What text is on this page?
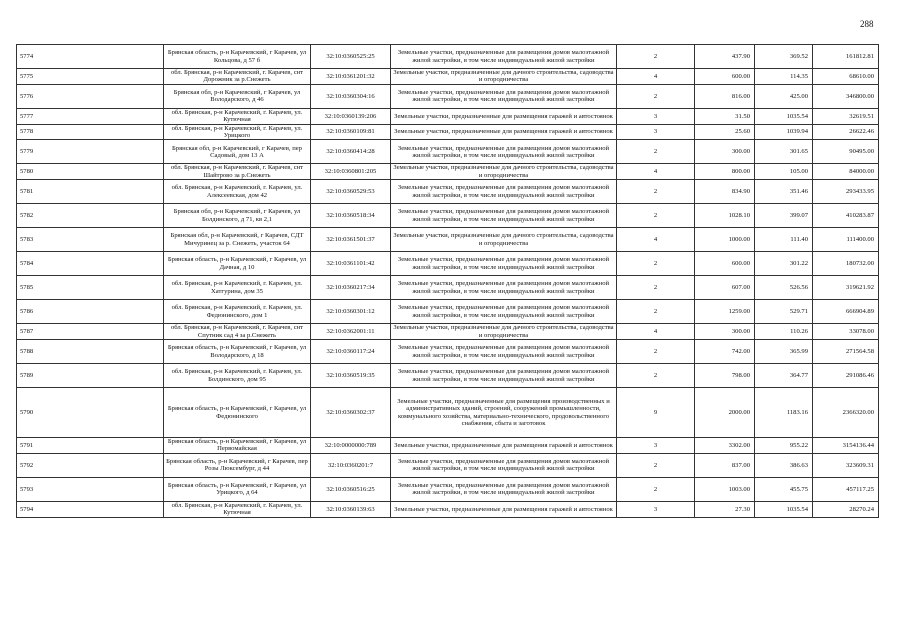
288
5774	Брянская область, р-н Карачевский, г Карачев, ул Кольцова, д 57 б	32:10:0360525:25	Земельные участки, предназначенные для размещения домов малоэтажной жилой застройки, в том числе индивидуальной жилой застройки	2	437.90	369.52	161812.81
5775	обл. Брянская, р-н Карачевский, г. Карачев, снт Дорожник за р.Снежеть	32:10:0361201:32	Земельные участки, предназначенные для дачного строительства, садоводства и огородничества	4	600.00	114.35	68610.00
5776	Брянская обл, р-н Карачевский, г Карачев, ул Володарского, д 46	32:10:0360304:16	Земельные участки, предназначенные для размещения домов малоэтажной жилой застройки, в том числе индивидуальной жилой застройки	2	816.00	425.00	346800.00
5777	обл. Брянская, р-н Карачевский, г. Карачев, ул. Кутючная	32:10:0360139:206	Земельные участки, предназначенные для размещения гаражей и автостоянок	3	31.50	1035.54	32619.51
5778	обл. Брянская, р-н Карачевский, г. Карачев, ул. Урицкого	32:10:0360109:81	Земельные участки, предназначенные для размещения гаражей и автостоянок	3	25.60	1039.94	26622.46
5779	Брянская обл, р-н Карачевский, г Карачев, пер Садовый, дом 13 А	32:10:0360414:28	Земельные участки, предназначенные для размещения домов малоэтажной жилой застройки, в том числе индивидуальной жилой застройки	2	300.00	301.65	90495.00
5780	обл. Брянская, р-н Карачевский, г. Карачев, снт Шайтрово за р.Снежеть	32:10:0360801:205	Земельные участки, предназначенные для дачного строительства, садоводства и огородничества	4	800.00	105.00	84000.00
5781	обл. Брянская, р-н Карачевский, г. Карачев, ул. Алексеевская, дом 42	32:10:0360529:53	Земельные участки, предназначенные для размещения домов малоэтажной жилой застройки, в том числе индивидуальной жилой застройки	2	834.90	351.46	293433.95
5782	Брянская обл, р-н Карачевский, г Карачев, ул Болдинского, д 71, кв 2,1	32:10:0360518:34	Земельные участки, предназначенные для размещения домов малоэтажной жилой застройки, в том числе индивидуальной жилой застройки	2	1028.10	399.07	410283.87
5783	Брянская обл, р-н Карачевский, г Карачев, СДТ Мичуринец за р. Снежеть, участок 64	32:10:0361501:37	Земельные участки, предназначенные для дачного строительства, садоводства и огородничества	4	1000.00	111.40	111400.00
5784	Брянская область, р-н Карачевский, г Карачев, ул Дачная, д 10	32:10:0361101:42	Земельные участки, предназначенные для размещения домов малоэтажной жилой застройки, в том числе индивидуальной жилой застройки	2	600.00	301.22	180732.00
5785	обл. Брянская, р-н Карачевский, г. Карачев, ул. Хатгурина, дом 35	32:10:0360217:34	Земельные участки, предназначенные для размещения домов малоэтажной жилой застройки, в том числе индивидуальной жилой застройки	2	607.00	526.56	319621.92
5786	обл. Брянская, р-н Карачевский, г. Карачев, ул. Федюнинского, дом 1	32:10:0360301:12	Земельные участки, предназначенные для размещения домов малоэтажной жилой застройки, в том числе индивидуальной жилой застройки	2	1259.00	529.71	666904.89
5787	обл. Брянская, р-н Карачевский, г. Карачев, снт Спутник сад 4 за р.Снежеть	32:10:0362001:11	Земельные участки, предназначенные для дачного строительства, садоводства и огородничества	4	300.00	110.26	33078.00
5788	Брянская область, р-н Карачевский, г Карачев, ул Володарского, д 18	32:10:0360117:24	Земельные участки, предназначенные для размещения домов малоэтажной жилой застройки, в том числе индивидуальной жилой застройки	2	742.00	365.99	271564.58
5789	обл. Брянская, р-н Карачевский, г. Карачев, ул. Болдинского, дом 95	32:10:0360519:35	Земельные участки, предназначенные для размещения домов малоэтажной жилой застройки, в том числе индивидуальной жилой застройки	2	798.00	364.77	291086.46
5790	Брянская область, р-н Карачевский, г Карачев, ул Федюнинского	32:10:0360302:37	Земельные участки, предназначенные для размещения производственных и административных зданий, строений, сооружений промышленности, коммунального хозяйства, материально-технического, продовольственного снабжения, сбыта и заготовок	9	2000.00	1183.16	2366320.00
5791	Брянская область, р-н Карачевский, г Карачев, ул Первомайская	32:10:0000000:789	Земельные участки, предназначенные для размещения гаражей и автостоянок	3	3302.00	955.22	3154136.44
5792	Брянская область, р-н Карачевский, г Карачев, пер Розы Люксембург, д 44	32:10:0360201:7	Земельные участки, предназначенные для размещения домов малоэтажной жилой застройки, в том числе индивидуальной жилой застройки	2	837.00	386.63	323609.31
5793	Брянская область, р-н Карачевский, г Карачев, ул Урицкого, д 64	32:10:0360516:25	Земельные участки, предназначенные для размещения домов малоэтажной жилой застройки, в том числе индивидуальной жилой застройки	2	1003.00	455.75	457117.25
5794	обл. Брянская, р-н Карачевский, г. Карачев, ул. Кутючная	32:10:0360139:63	Земельные участки, предназначенные для размещения гаражей и автостоянок	3	27.30	1035.54	28270.24
